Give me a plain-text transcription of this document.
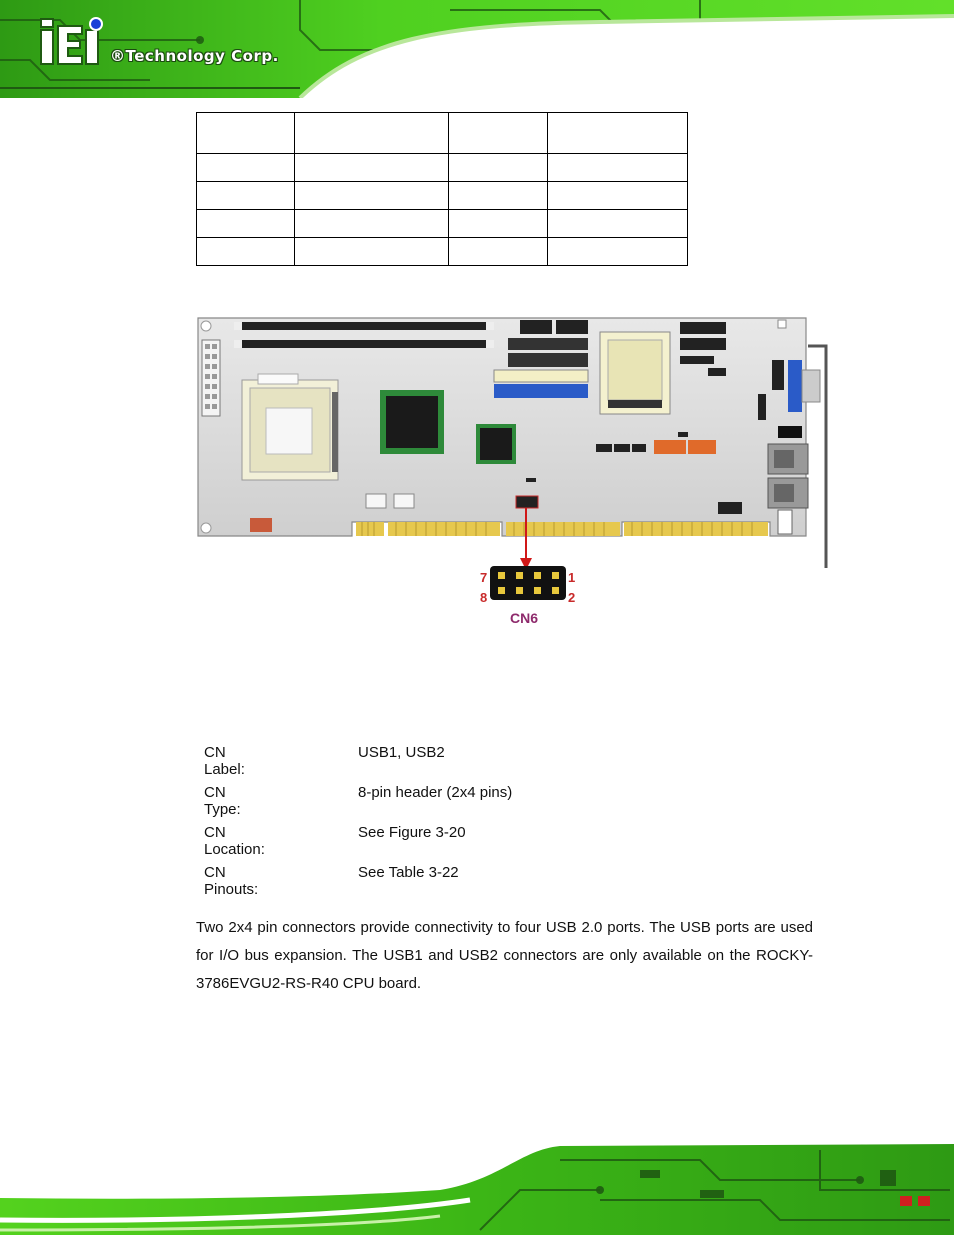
®Technology Corp.

7
8
1
2
CN6
CN Label:
USB1, USB2
CN Type:
8-pin header (2x4 pins)
CN Location:
See Figure 3-20
CN Pinouts:
See Table 3-22

Two 2x4 pin connectors provide connectivity to four USB 2.0 ports. The USB ports are used for I/O bus expansion. The USB1 and USB2 connectors are only available on the ROCKY-3786EVGU2-RS-R40 CPU board.
